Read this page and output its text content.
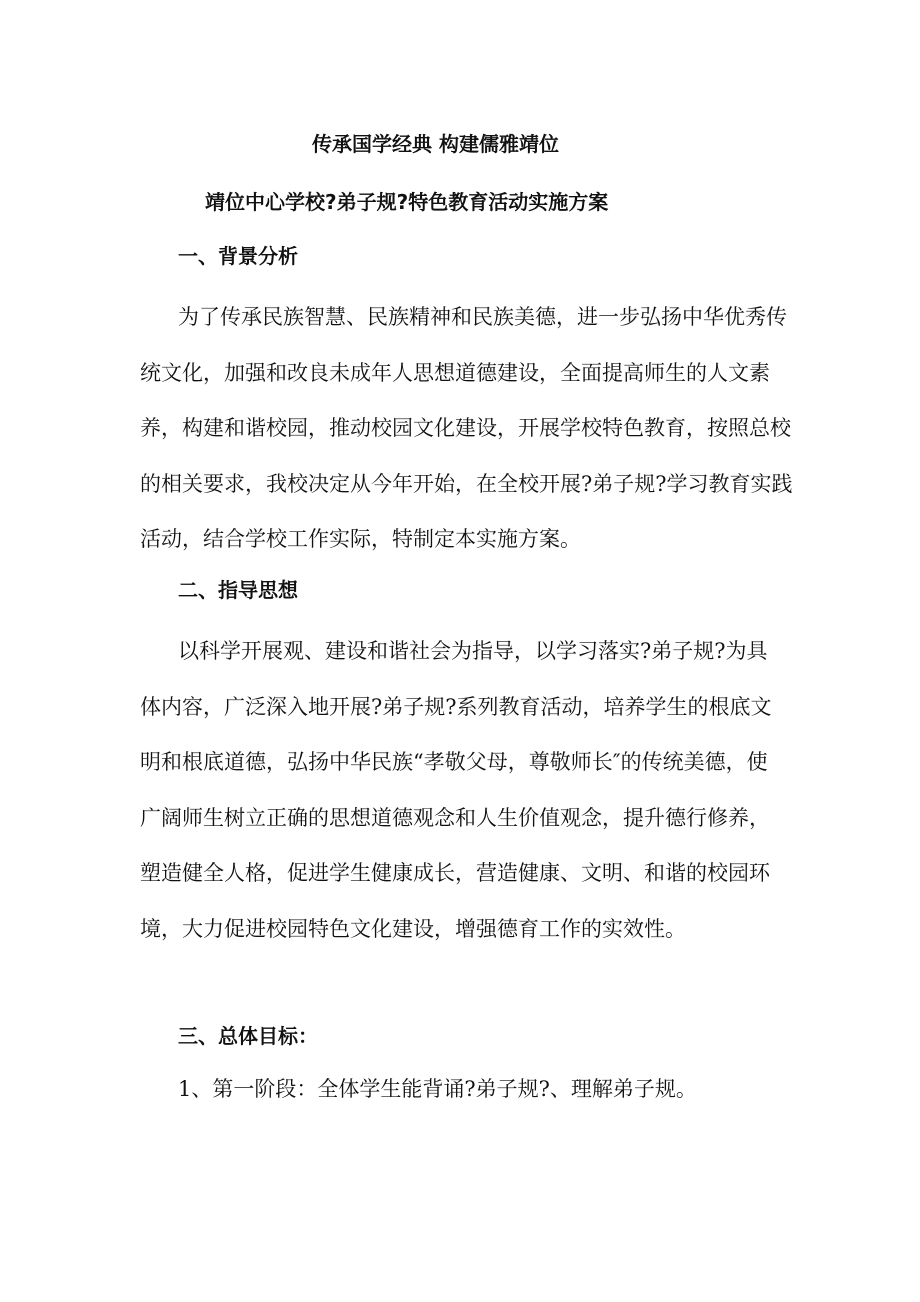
传承国学经典 构建儒雅靖位
靖位中心学校?弟子规?特色教育活动实施方案
一、背景分析

为了传承民族智慧、民族精神和民族美德，进一步弘扬中华优秀传统文化，加强和改良未成年人思想道德建设，全面提高师生的人文素养，构建和谐校园，推动校园文化建设，开展学校特色教育，按照总校的相关要求，我校决定从今年开始，在全校开展?弟子规?学习教育实践活动，结合学校工作实际，特制定本实施方案。

二、指导思想

以科学开展观、建设和谐社会为指导，以学习落实?弟子规?为具体内容，广泛深入地开展?弟子规?系列教育活动，培养学生的根底文明和根底道德，弘扬中华民族“孝敬父母，尊敬师长″的传统美德，使广阔师生树立正确的思想道德观念和人生价值观念，提升德行修养，塑造健全人格，促进学生健康成长，营造健康、文明、和谐的校园环境，大力促进校园特色文化建设，增强德育工作的实效性。

三、总体目标：

1、第一阶段：全体学生能背诵?弟子规?、理解弟子规。
